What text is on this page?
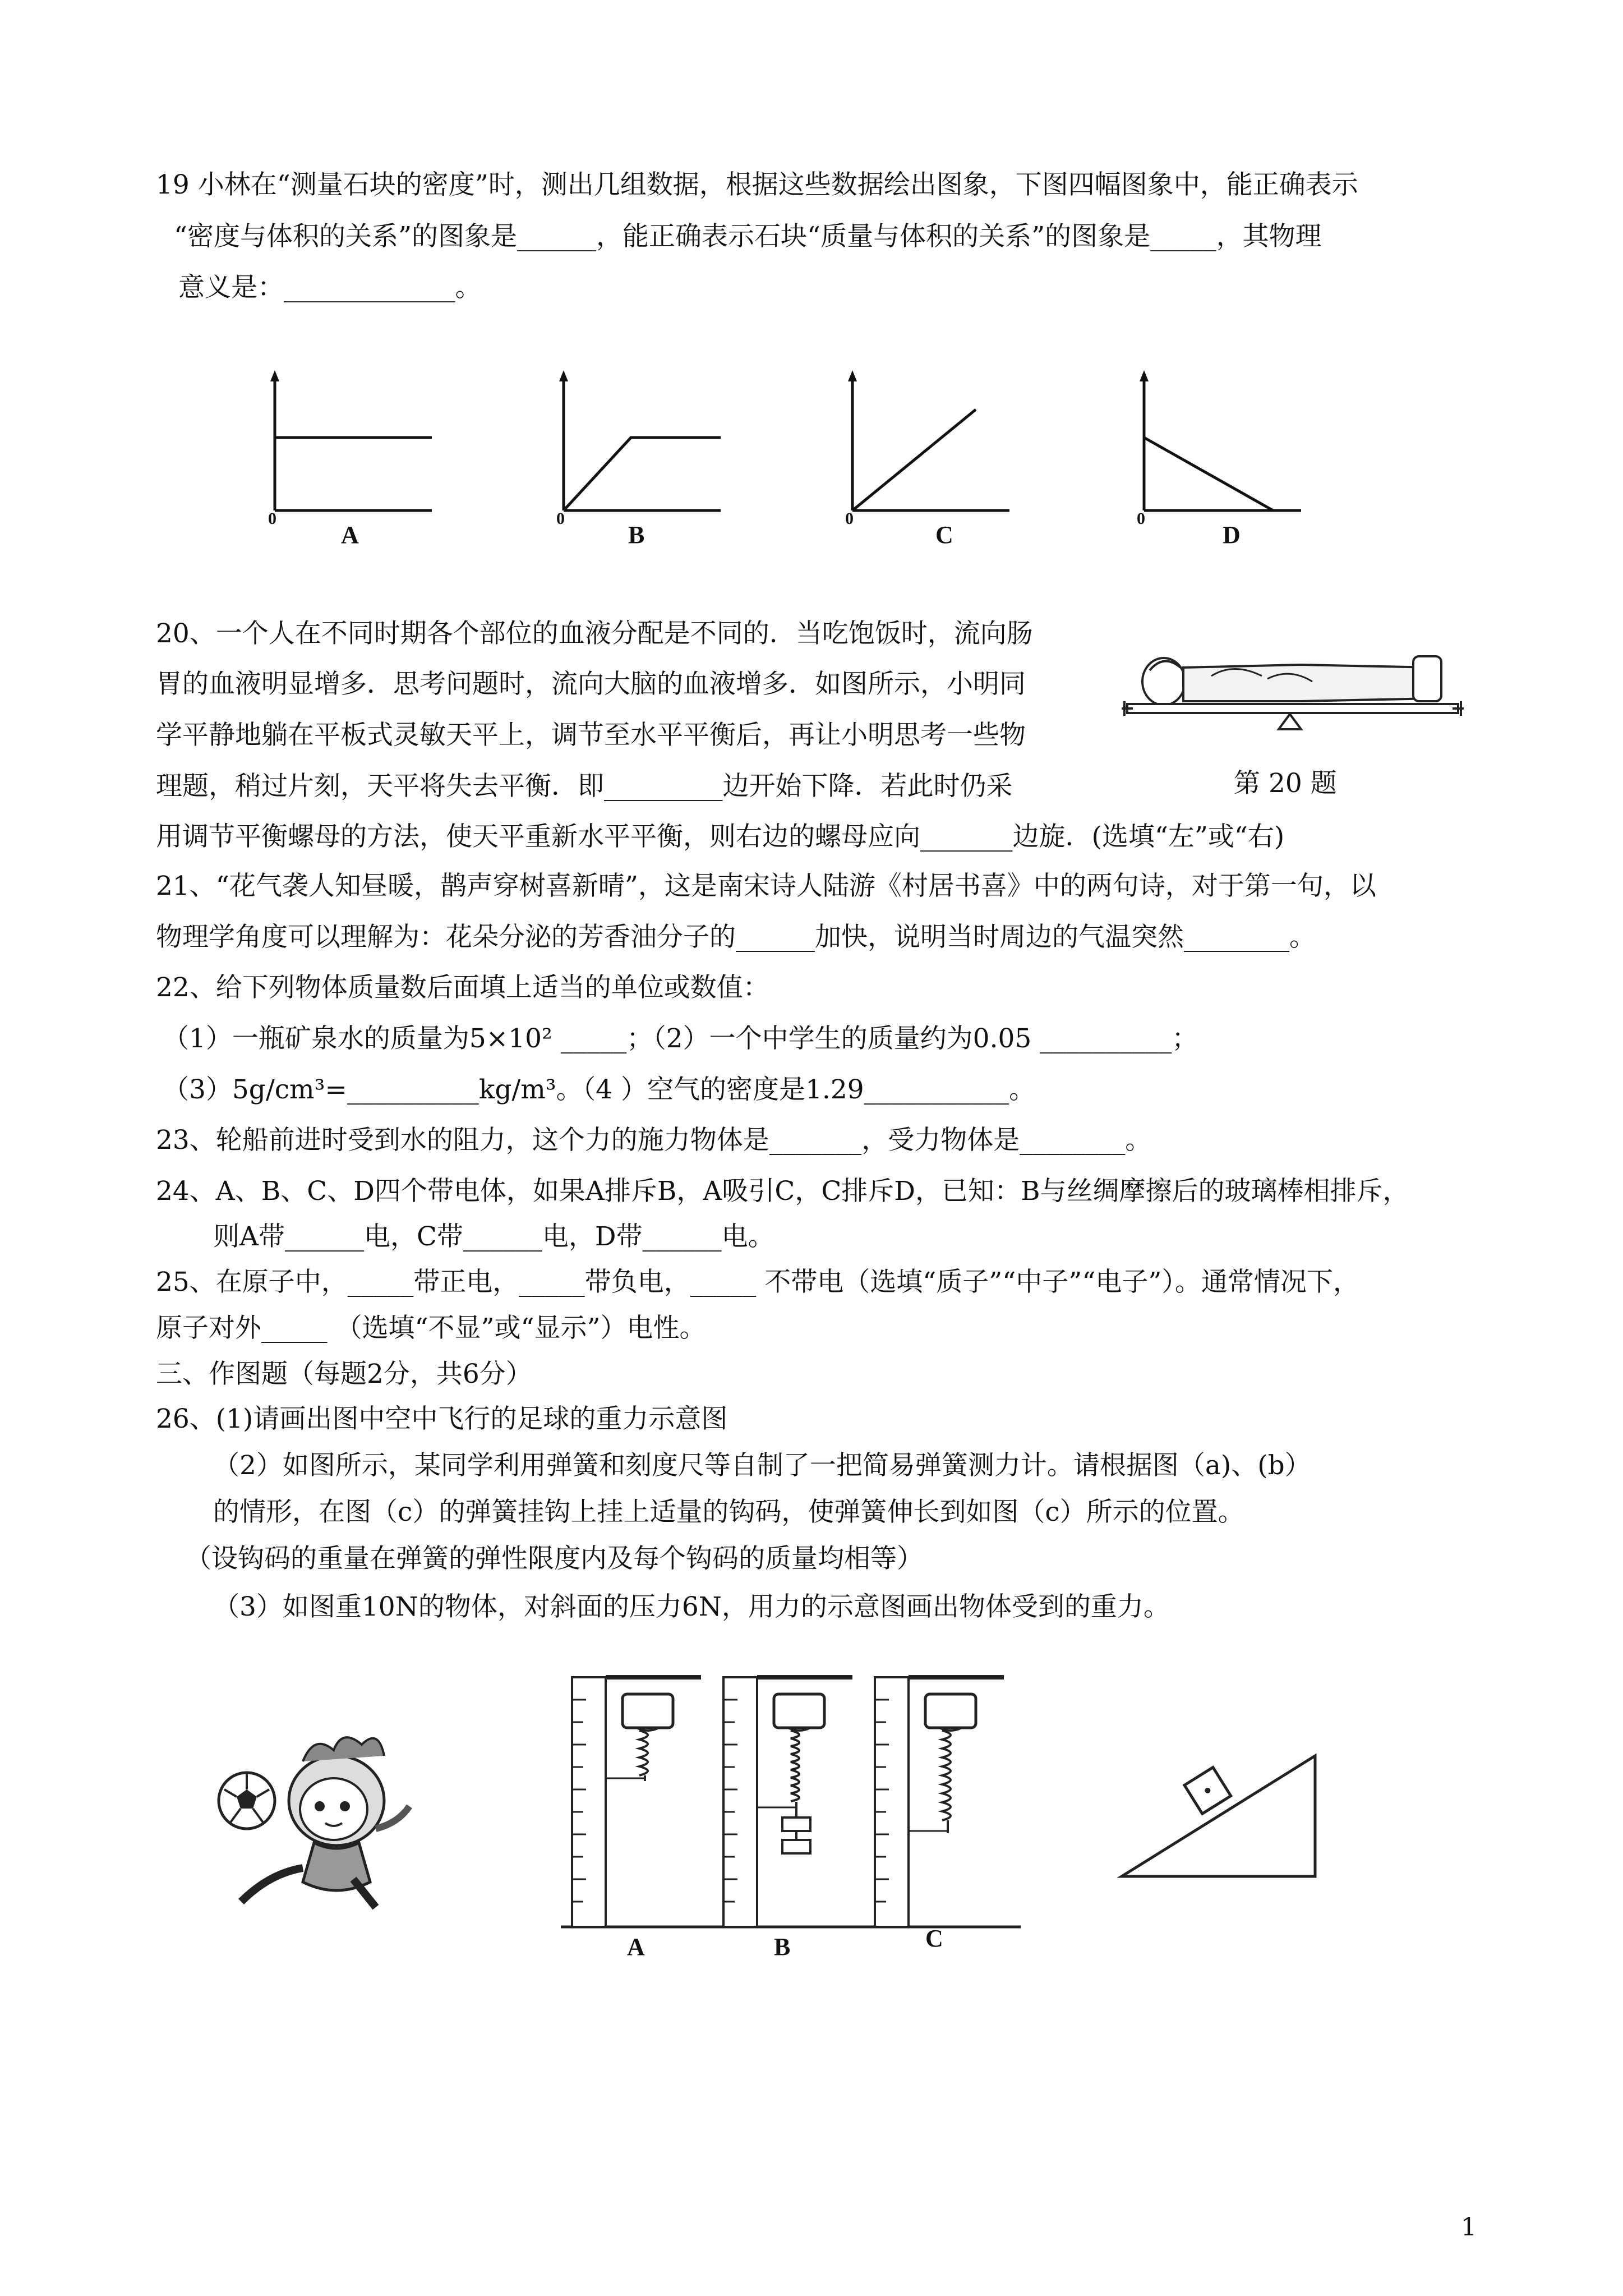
19 小林在“测量石块的密度”时，测出几组数据，根据这些数据绘出图象，下图四幅图象中，能正确表示
“密度与体积的关系”的图象是______，能正确表示石块“质量与体积的关系”的图象是_____，其物理
意义是：_____________。
0
A
0
B
0
C
0
D
20、一个人在不同时期各个部位的血液分配是不同的．当吃饱饭时，流向肠
胃的血液明显增多．思考问题时，流向大脑的血液增多．如图所示，小明同
学平静地躺在平板式灵敏天平上，调节至水平平衡后，再让小明思考一些物
理题，稍过片刻，天平将失去平衡．即_________边开始下降．若此时仍采
用调节平衡螺母的方法，使天平重新水平平衡，则右边的螺母应向_______边旋．(选填“左”或“右)
第 20 题
21、“花气袭人知昼暖，鹊声穿树喜新晴”，这是南宋诗人陆游《村居书喜》中的两句诗，对于第一句，以
物理学角度可以理解为：花朵分泌的芳香油分子的______加快，说明当时周边的气温突然________。
22、给下列物体质量数后面填上适当的单位或数值：
（1）一瓶矿泉水的质量为5×10² _____；（2）一个中学生的质量约为0.05 __________；
（3）5g/cm³=__________kg/m³。（4 ）空气的密度是1.29___________。
23、轮船前进时受到水的阻力，这个力的施力物体是_______，受力物体是________。
24、A、B、C、D四个带电体，如果A排斥B，A吸引C，C排斥D，已知：B与丝绸摩擦后的玻璃棒相排斥，
则A带______电，C带______电，D带______电。
25、在原子中，_____带正电，_____带负电，_____ 不带电（选填“质子”“中子”“电子”）。通常情况下，
原子对外_____ （选填“不显”或“显示”）电性。
三、作图题（每题2分，共6分）
26、(1)请画出图中空中飞行的足球的重力示意图
（2）如图所示，某同学利用弹簧和刻度尺等自制了一把简易弹簧测力计。请根据图（a)、(b）
的情形，在图（c）的弹簧挂钩上挂上适量的钩码，使弹簧伸长到如图（c）所示的位置。
（设钩码的重量在弹簧的弹性限度内及每个钩码的质量均相等）
（3）如图重10N的物体，对斜面的压力6N，用力的示意图画出物体受到的重力。
A	B	C
1
